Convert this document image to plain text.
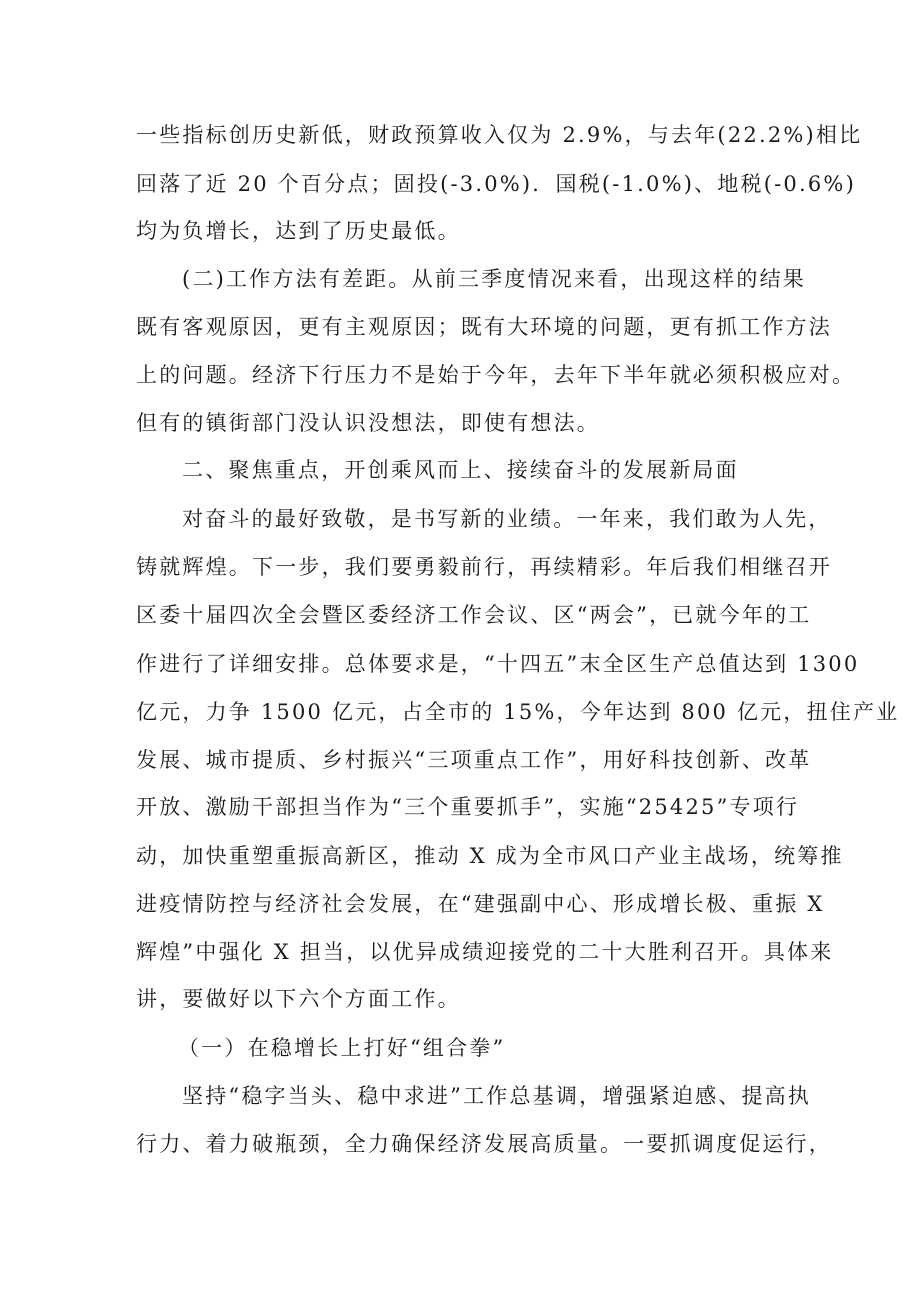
一些指标创历史新低，财政预算收入仅为 2.9%，与去年(22.2%)相比
回落了近 20 个百分点；固投(-3.0%)．国税(-1.0%)、地税(-0.6%)
均为负增长，达到了历史最低。
(二)工作方法有差距。从前三季度情况来看，出现这样的结果
既有客观原因，更有主观原因；既有大环境的问题，更有抓工作方法
上的问题。经济下行压力不是始于今年，去年下半年就必须积极应对。
但有的镇街部门没认识没想法，即使有想法。
二、聚焦重点，开创乘风而上、接续奋斗的发展新局面
对奋斗的最好致敬，是书写新的业绩。一年来，我们敢为人先，
铸就辉煌。下一步，我们要勇毅前行，再续精彩。年后我们相继召开
区委十届四次全会暨区委经济工作会议、区“两会”，已就今年的工
作进行了详细安排。总体要求是，“十四五”末全区生产总值达到 1300
亿元，力争 1500 亿元，占全市的 15%，今年达到 800 亿元，扭住产业
发展、城市提质、乡村振兴“三项重点工作”，用好科技创新、改革
开放、激励干部担当作为“三个重要抓手”，实施“25425”专项行
动，加快重塑重振高新区，推动 X 成为全市风口产业主战场，统筹推
进疫情防控与经济社会发展，在“建强副中心、形成增长极、重振 X
辉煌”中强化 X 担当，以优异成绩迎接党的二十大胜利召开。具体来
讲，要做好以下六个方面工作。
（一）在稳增长上打好“组合拳”
坚持“稳字当头、稳中求进”工作总基调，增强紧迫感、提高执
行力、着力破瓶颈，全力确保经济发展高质量。一要抓调度促运行，
